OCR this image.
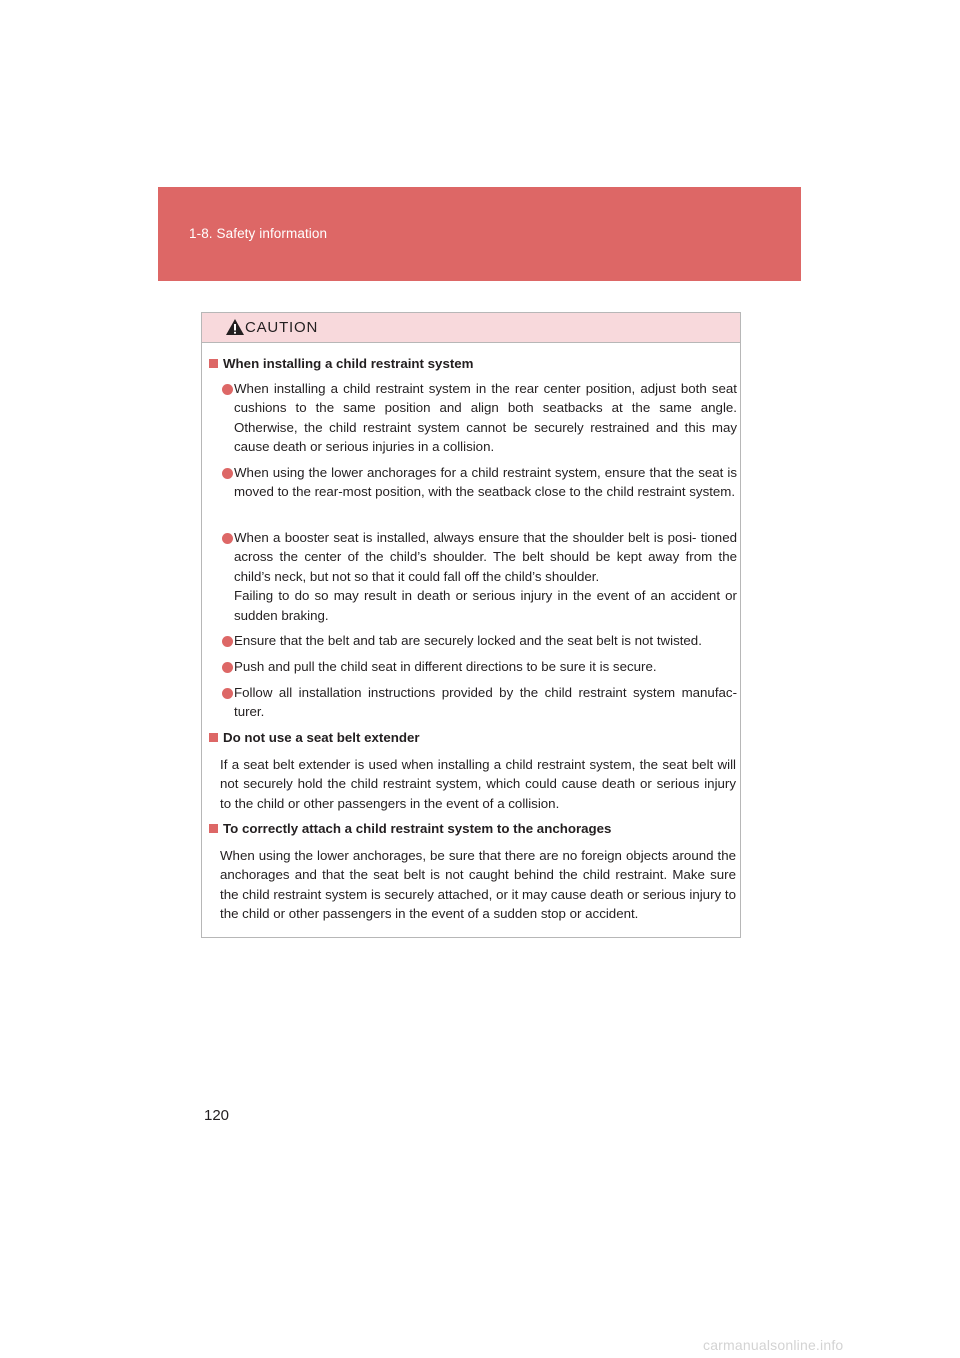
1-8. Safety information
CAUTION
When installing a child restraint system
When installing a child restraint system in the rear center position, adjust both seat cushions to the same position and align both seatbacks at the same angle. Otherwise, the child restraint system cannot be securely restrained and this may cause death or serious injuries in a collision.
When using the lower anchorages for a child restraint system, ensure that the seat is moved to the rear-most position, with the seatback close to the child restraint system.
When a booster seat is installed, always ensure that the shoulder belt is posi- tioned across the center of the child’s shoulder. The belt should be kept away from the child’s neck, but not so that it could fall off the child’s shoulder.
Failing to do so may result in death or serious injury in the event of an accident or sudden braking.
Ensure that the belt and tab are securely locked and the seat belt is not twisted.
Push and pull the child seat in different directions to be sure it is secure.
Follow all installation instructions provided by the child restraint system manufac- turer.
Do not use a seat belt extender
If a seat belt extender is used when installing a child restraint system, the seat belt will not securely hold the child restraint system, which could cause death or serious injury to the child or other passengers in the event of a collision.
To correctly attach a child restraint system to the anchorages
When using the lower anchorages, be sure that there are no foreign objects around the anchorages and that the seat belt is not caught behind the child restraint. Make sure the child restraint system is securely attached, or it may cause death or serious injury to the child or other passengers in the event of a sudden stop or accident.
120
carmanualsonline.info
